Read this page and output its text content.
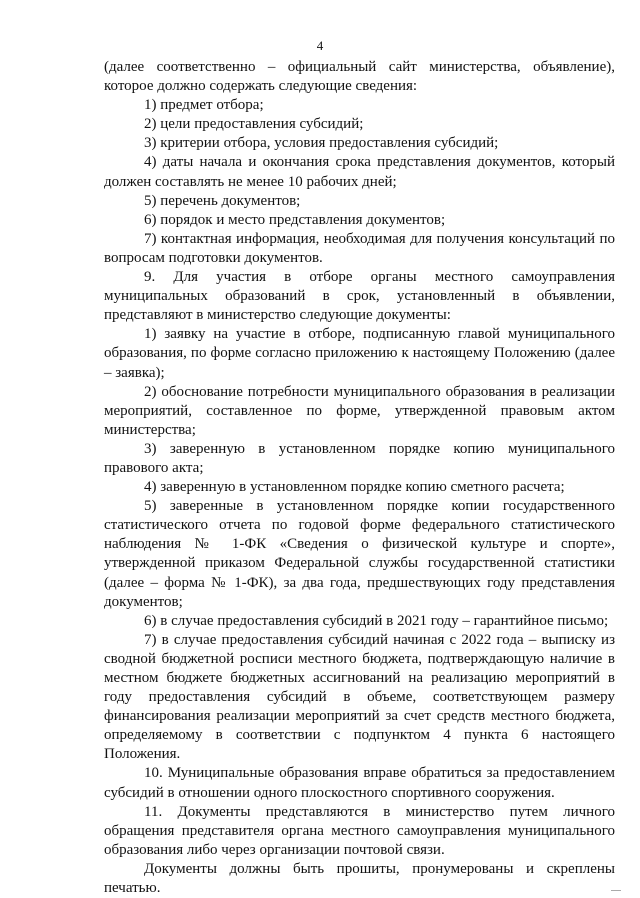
4

(далее соответственно – официальный сайт министерства, объявление), которое должно содержать следующие сведения:

1) предмет отбора;

2) цели предоставления субсидий;

3) критерии отбора, условия предоставления субсидий;

4) даты начала и окончания срока представления документов, который должен составлять не менее 10 рабочих дней;

5) перечень документов;

6) порядок и место представления документов;

7) контактная информация, необходимая для получения консультаций по вопросам подготовки документов.

9. Для участия в отборе органы местного самоуправления муниципальных образований в срок, установленный в объявлении, представляют в министерство следующие документы:

1) заявку на участие в отборе, подписанную главой муниципального образования, по форме согласно приложению к настоящему Положению (далее – заявка);

2) обоснование потребности муниципального образования в реализации мероприятий, составленное по форме, утвержденной правовым актом министерства;

3) заверенную в установленном порядке копию муниципального правового акта;

4) заверенную в установленном порядке копию сметного расчета;

5) заверенные в установленном порядке копии государственного статистического отчета по годовой форме федерального статистического наблюдения № 1-ФК «Сведения о физической культуре и спорте», утвержденной приказом Федеральной службы государственной статистики (далее – форма № 1-ФК), за два года, предшествующих году представления документов;

6) в случае предоставления субсидий в 2021 году – гарантийное письмо;

7) в случае предоставления субсидий начиная с 2022 года – выписку из сводной бюджетной росписи местного бюджета, подтверждающую наличие в местном бюджете бюджетных ассигнований на реализацию мероприятий в году предоставления субсидий в объеме, соответствующем размеру финансирования реализации мероприятий за счет средств местного бюджета, определяемому в соответствии с подпунктом 4 пункта 6 настоящего Положения.

10. Муниципальные образования вправе обратиться за предоставлением субсидий в отношении одного плоскостного спортивного сооружения.

11. Документы представляются в министерство путем личного обращения представителя органа местного самоуправления муниципального образования либо через организации почтовой связи.

Документы должны быть прошиты, пронумерованы и скреплены печатью.
